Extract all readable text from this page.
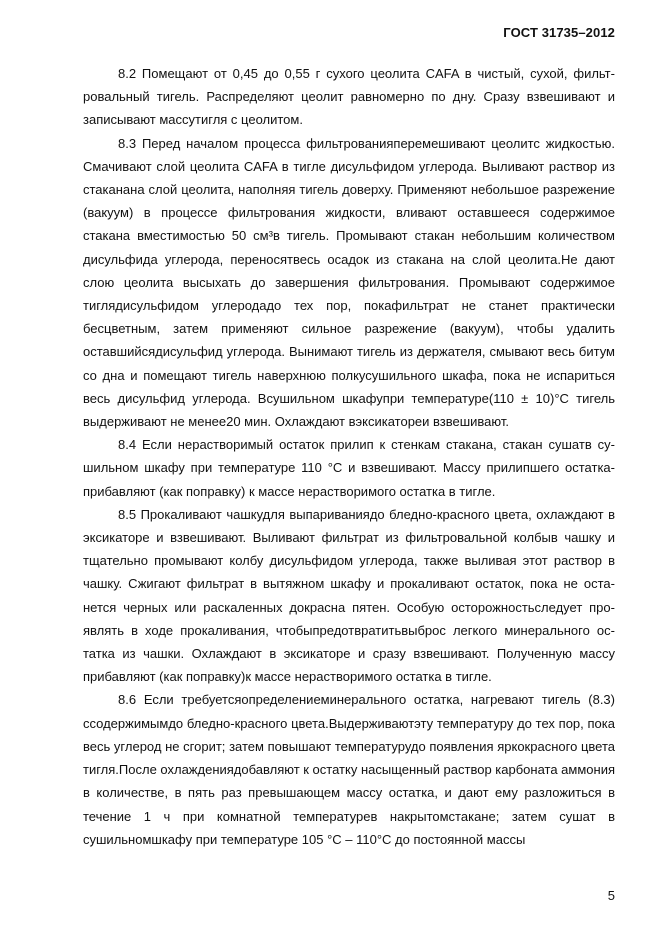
ГОСТ 31735–2012

8.2 Помещают от 0,45 до 0,55 г сухого цеолита CAFA в чистый, сухой, фильтровальный тигель. Распределяют цеолит равномерно по дну. Сразу взвешивают и записывают массутигля с цеолитом.

8.3 Перед началом процесса фильтрованияперемешивают цеолитс жидкостью. Смачивают слой цеолита CAFA в тигле дисульфидом углерода. Выливают раствор из стаканана слой цеолита, наполняя тигель доверху. Применяют небольшое разрежение (вакуум) в процессе фильтрования жидкости, вливают оставшееся содержимое стакана вместимостью 50 см³в тигель. Промывают стакан небольшим количеством дисульфида углерода, переносятвесь осадок из стакана на слой цеолита.Не дают слою цеолита высыхать до завершения фильтрования. Промывают содержимое тиглядисульфидом углеродадо тех пор, покафильтрат не станет практически бесцветным, затем применяют сильное разрежение (вакуум), чтобы удалить оставшийсядисульфид углерода. Вынимают тигель из держателя, смывают весь битум со дна и помещают тигель наверхнюю полкусушильного шкафа, пока не испариться весь дисульфид углерода. Всушильном шкафупри температуре(110 ± 10)°С тигель выдерживают не менее20 мин. Охлаждают вэксикатореи взвешивают.

8.4 Если нерастворимый остаток прилип к стенкам стакана, стакан сушатв сушильном шкафу при температуре 110 °С и взвешивают. Массу прилипшего остаткаприбавляют (как поправку) к массе нерастворимого остатка в тигле.

8.5 Прокаливают чашкудля выпариваниядо бледно-красного цвета, охлаждают в эксикаторе и взвешивают. Выливают фильтрат из фильтровальной колбыв чашку и тщательно промывают колбу дисульфидом углерода, также выливая этот раствор в чашку. Сжигают фильтрат в вытяжном шкафу и прокаливают остаток, пока не останется черных или раскаленных докрасна пятен. Особую осторожностьследует проявлять в ходе прокаливания, чтобыпредотвратитьвыброс легкого минерального остатка из чашки. Охлаждают в эксикаторе и сразу взвешивают. Полученную массу прибавляют (как поправку)к массе нерастворимого остатка в тигле.

8.6 Если требуетсяопределениеминерального остатка, нагревают тигель (8.3) ссодержимымдо бледно-красного цвета.Выдерживаютэту температуру до тех пор, пока весь углерод не сгорит; затем повышают температурудо появления яркокрасного цвета тигля.После охлаждениядобавляют к остатку насыщенный раствор карбоната аммония в количестве, в пять раз превышающем массу остатка, и дают ему разложиться в течение 1 ч при комнатной температурев накрытомстакане; затем сушат в сушильномшкафу при температуре 105 °С – 110°С до постоянной массы

5
